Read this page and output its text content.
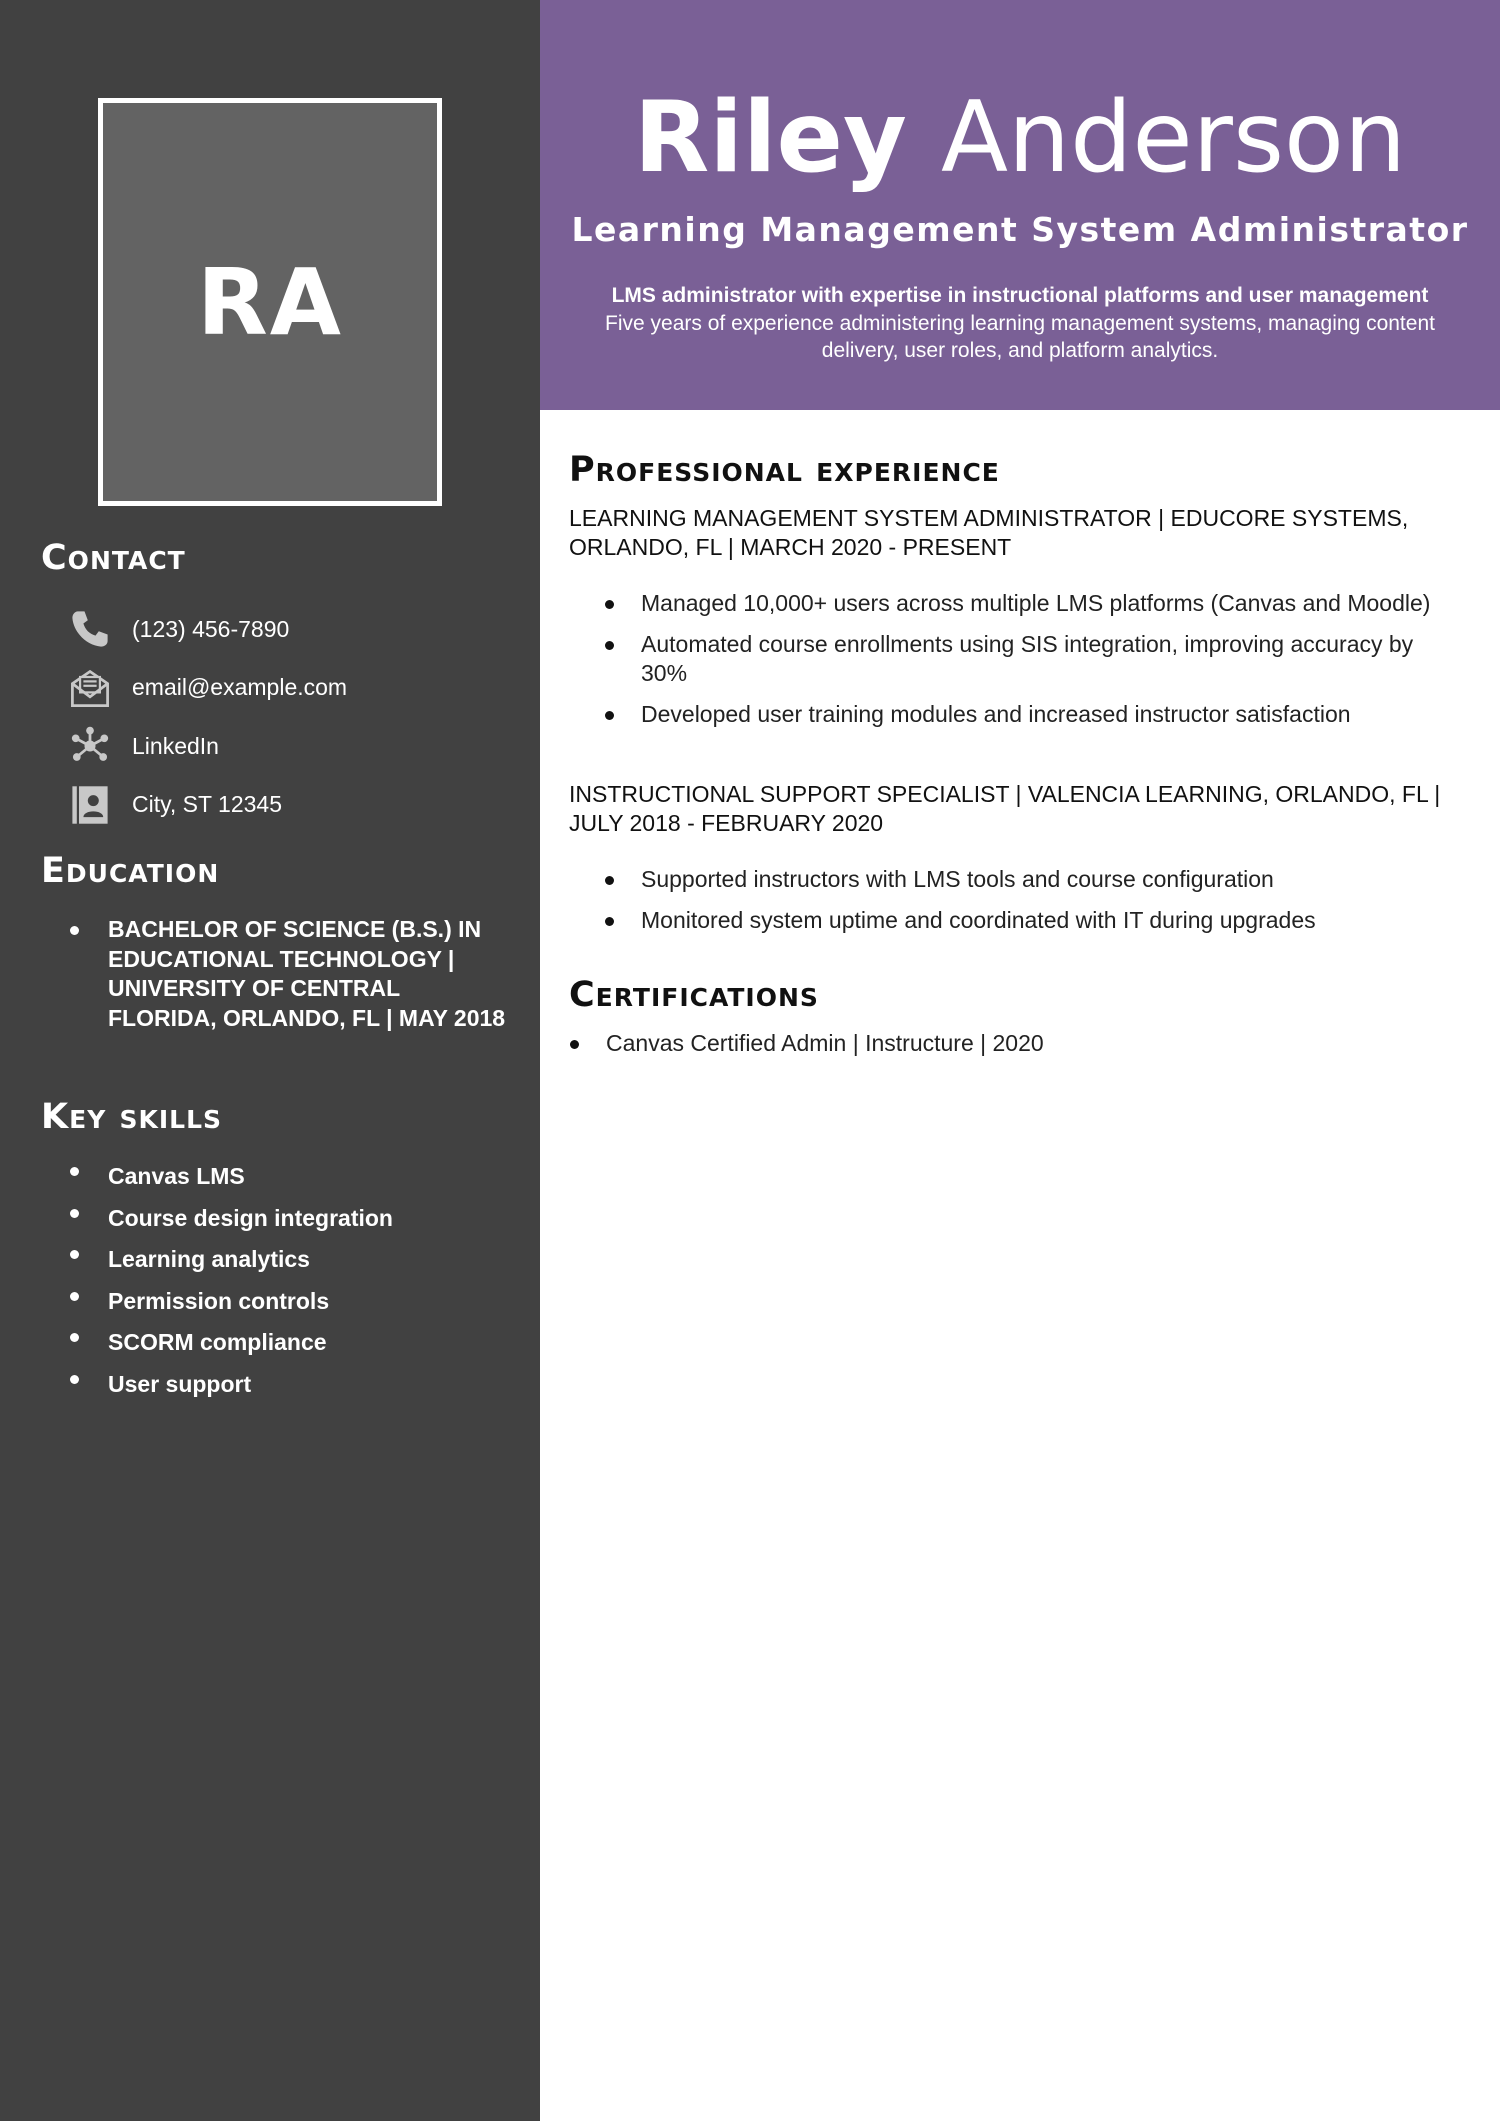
RA
Contact
(123) 456-7890
email@example.com
LinkedIn
City, ST 12345
Education
BACHELOR OF SCIENCE (B.S.) IN EDUCATIONAL TECHNOLOGY | UNIVERSITY OF CENTRAL FLORIDA, ORLANDO, FL | MAY 2018
Key skills
Canvas LMS
Course design integration
Learning analytics
Permission controls
SCORM compliance
User support
Riley Anderson
Learning Management System Administrator
LMS administrator with expertise in instructional platforms and user management
Five years of experience administering learning management systems, managing content delivery, user roles, and platform analytics.
Professional experience

LEARNING MANAGEMENT SYSTEM ADMINISTRATOR | EDUCORE SYSTEMS, ORLANDO, FL | MARCH 2020 - PRESENT

Managed 10,000+ users across multiple LMS platforms (Canvas and Moodle)
Automated course enrollments using SIS integration, improving accuracy by 30%
Developed user training modules and increased instructor satisfaction

INSTRUCTIONAL SUPPORT SPECIALIST | VALENCIA LEARNING, ORLANDO, FL | JULY 2018 - FEBRUARY 2020

Supported instructors with LMS tools and course configuration
Monitored system uptime and coordinated with IT during upgrades
Certifications
Canvas Certified Admin | Instructure | 2020
